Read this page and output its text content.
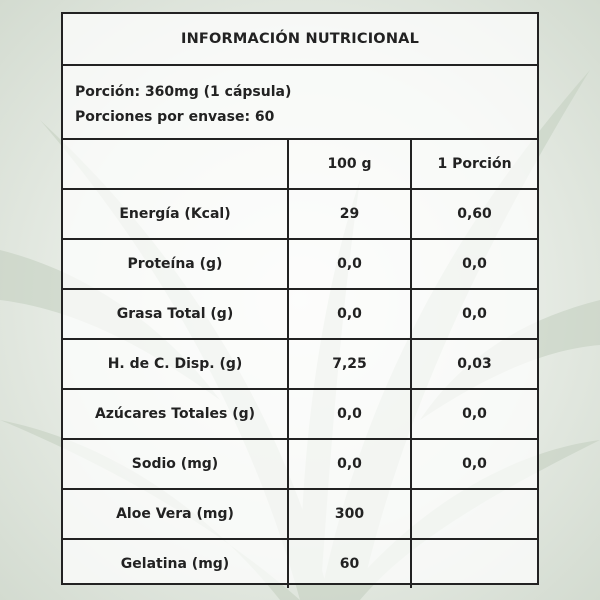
INFORMACIÓN NUTRICIONAL
Porción: 360mg (1 cápsula)
Porciones por envase: 60
	100 g	1 Porción
Energía (Kcal)	29	0,60
Proteína (g)	0,0	0,0
Grasa Total (g)	0,0	0,0
H. de C. Disp. (g)	7,25	0,03
Azúcares Totales (g)	0,0	0,0
Sodio (mg)	0,0	0,0
Aloe Vera (mg)	300	
Gelatina (mg)	60	
